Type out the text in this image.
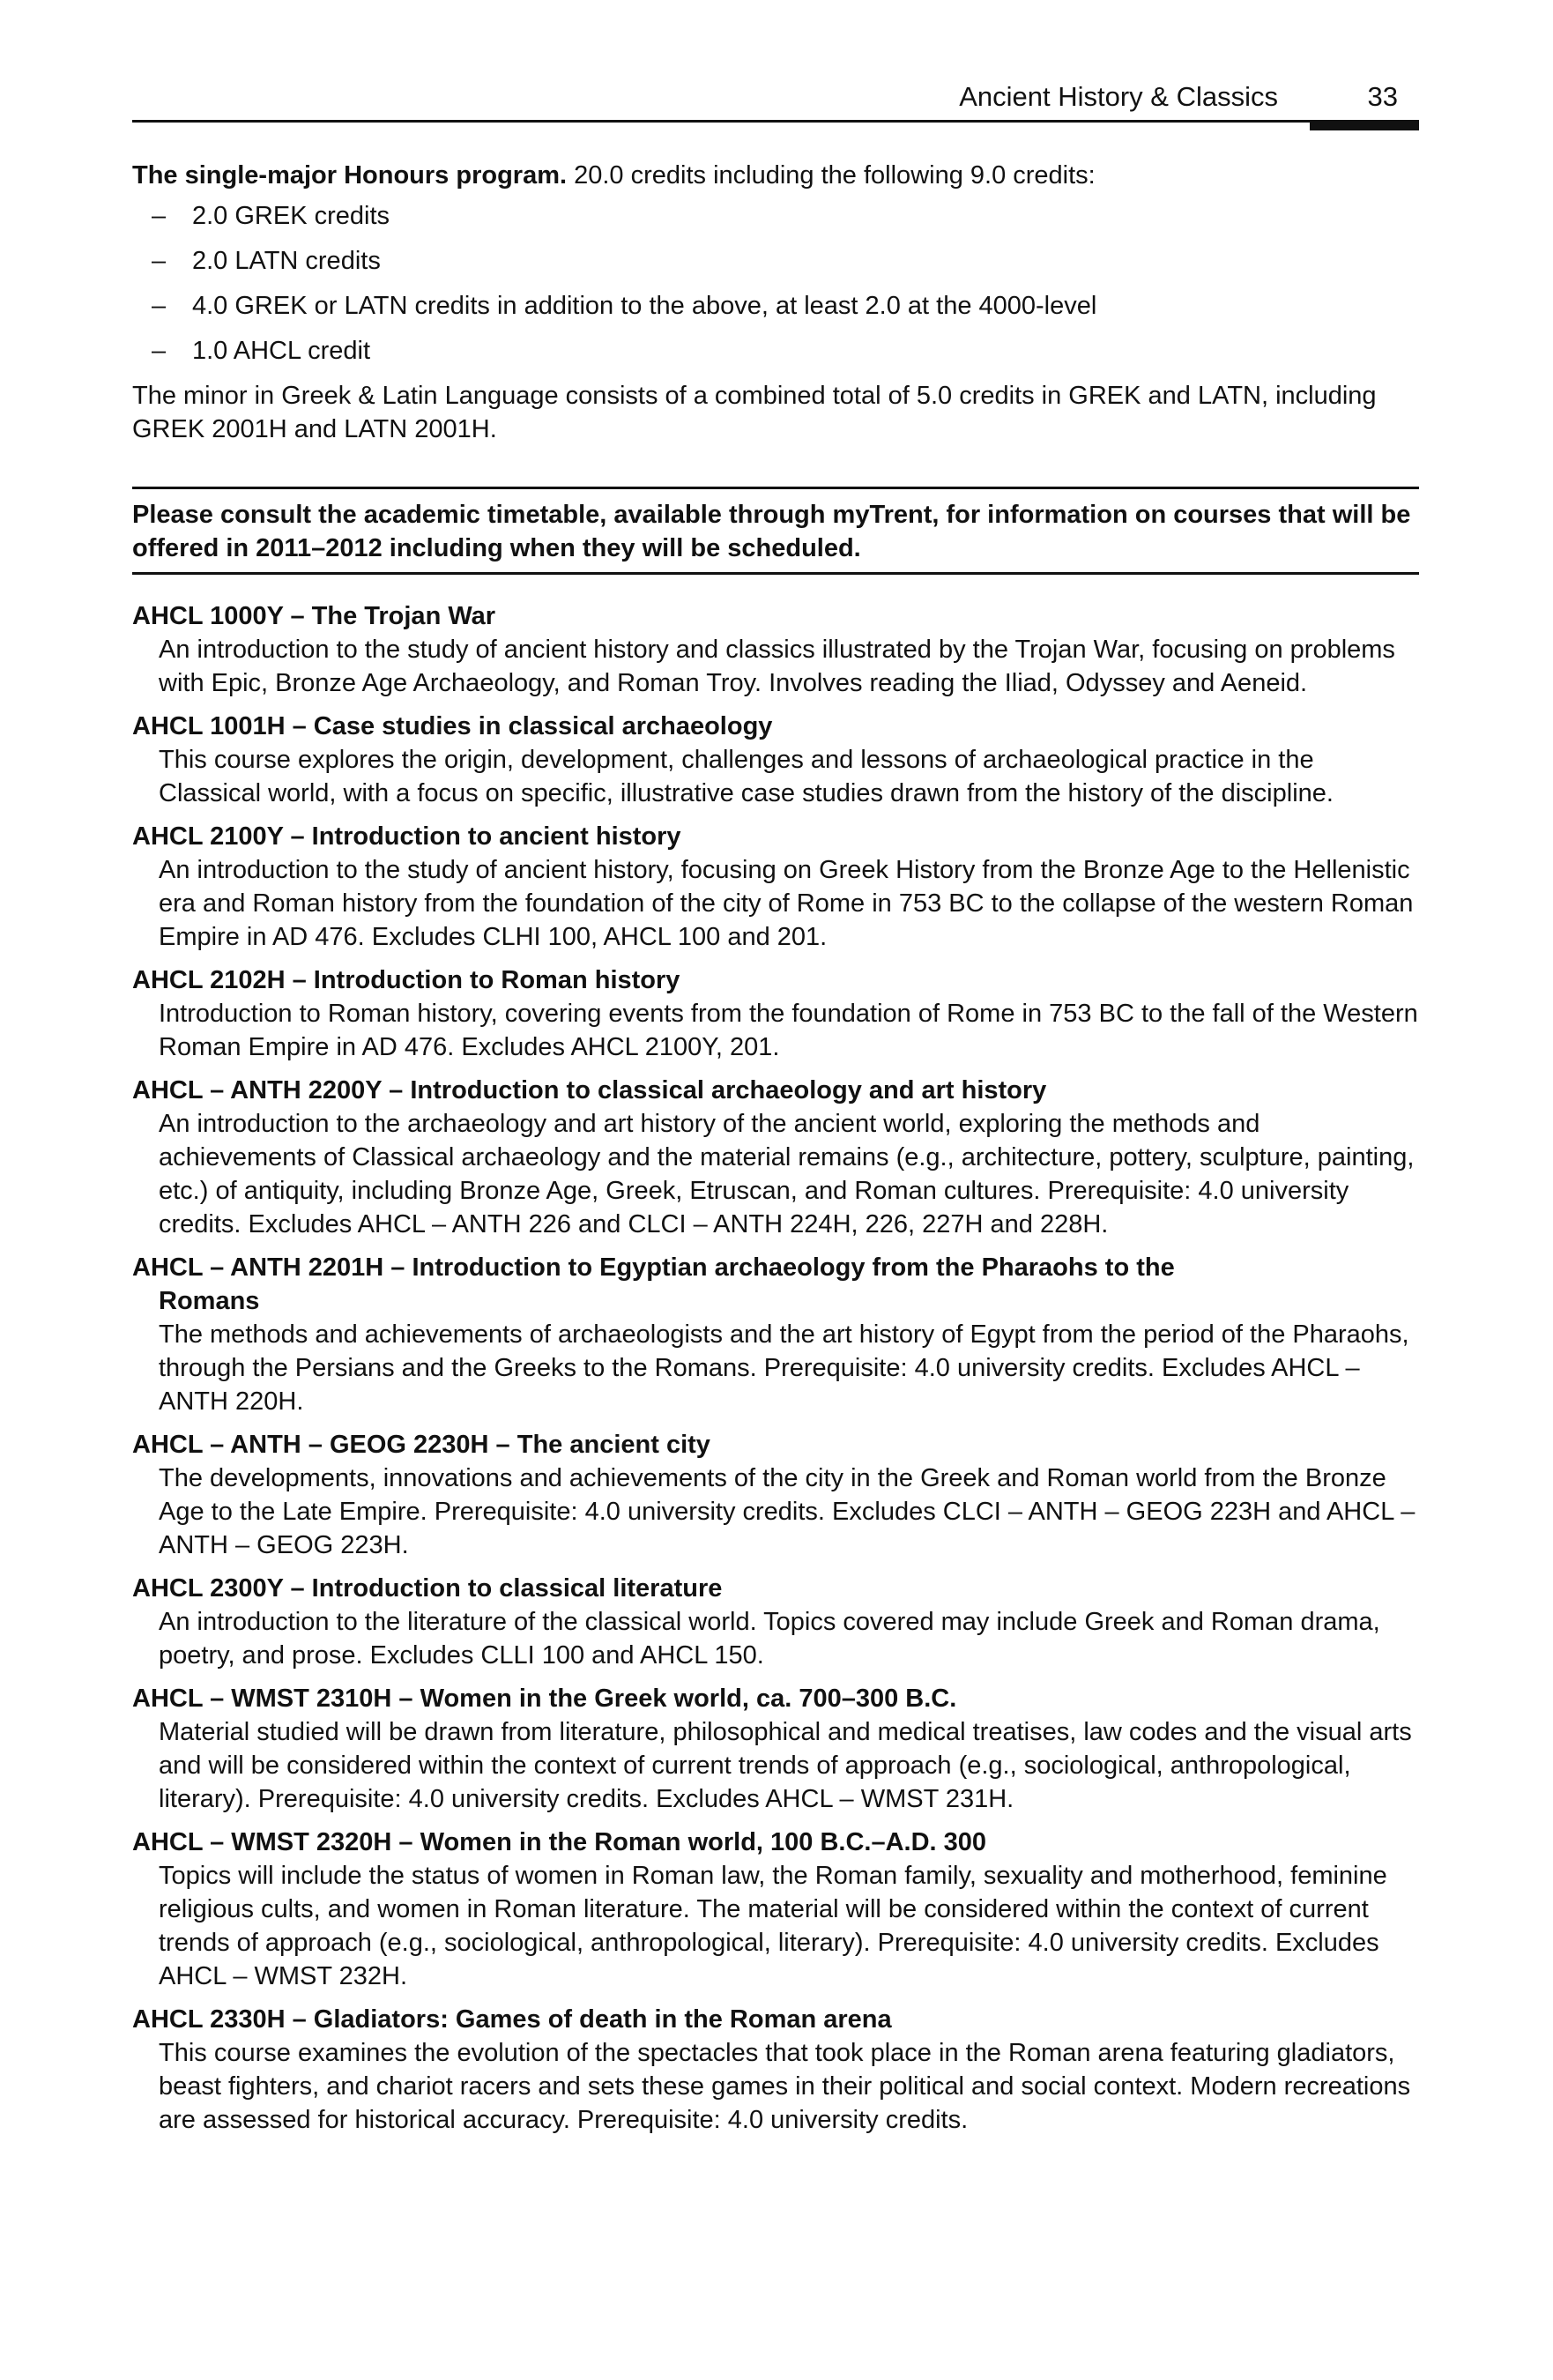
Ancient History & Classics	33

The single-major Honours program. 20.0 credits including the following 9.0 credits:

– 2.0 GREK credits
– 2.0 LATN credits
– 4.0 GREK or LATN credits in addition to the above, at least 2.0 at the 4000-level
– 1.0 AHCL credit

The minor in Greek & Latin Language consists of a combined total of 5.0 credits in GREK and LATN, including GREK 2001H and LATN 2001H.

Please consult the academic timetable, available through myTrent, for information on courses that will be offered in 2011–2012 including when they will be scheduled.
AHCL 1000Y – The Trojan War
An introduction to the study of ancient history and classics illustrated by the Trojan War, focusing on problems with Epic, Bronze Age Archaeology, and Roman Troy. Involves reading the Iliad, Odyssey and Aeneid.
AHCL 1001H – Case studies in classical archaeology
This course explores the origin, development, challenges and lessons of archaeological practice in the Classical world, with a focus on specific, illustrative case studies drawn from the history of the discipline.
AHCL 2100Y – Introduction to ancient history
An introduction to the study of ancient history, focusing on Greek History from the Bronze Age to the Hellenistic era and Roman history from the foundation of the city of Rome in 753 BC to the collapse of the western Roman Empire in AD 476. Excludes CLHI 100, AHCL 100 and 201.
AHCL 2102H – Introduction to Roman history
Introduction to Roman history, covering events from the foundation of Rome in 753 BC to the fall of the Western Roman Empire in AD 476. Excludes AHCL 2100Y, 201.
AHCL – ANTH 2200Y – Introduction to classical archaeology and art history
An introduction to the archaeology and art history of the ancient world, exploring the methods and achievements of Classical archaeology and the material remains (e.g., architecture, pottery, sculpture, painting, etc.) of antiquity, including Bronze Age, Greek, Etruscan, and Roman cultures. Prerequisite: 4.0 university credits. Excludes AHCL – ANTH 226 and CLCI – ANTH 224H, 226, 227H and 228H.
AHCL – ANTH 2201H – Introduction to Egyptian archaeology from the Pharaohs to the
Romans
The methods and achievements of archaeologists and the art history of Egypt from the period of the Pharaohs, through the Persians and the Greeks to the Romans. Prerequisite: 4.0 university credits. Excludes AHCL – ANTH 220H.
AHCL – ANTH – GEOG 2230H – The ancient city
The developments, innovations and achievements of the city in the Greek and Roman world from the Bronze Age to the Late Empire. Prerequisite: 4.0 university credits. Excludes CLCI – ANTH – GEOG 223H and AHCL – ANTH – GEOG 223H.
AHCL 2300Y – Introduction to classical literature
An introduction to the literature of the classical world. Topics covered may include Greek and Roman drama, poetry, and prose. Excludes CLLI 100 and AHCL 150.
AHCL – WMST 2310H – Women in the Greek world, ca. 700–300 B.C.
Material studied will be drawn from literature, philosophical and medical treatises, law codes and the visual arts and will be considered within the context of current trends of approach (e.g., sociological, anthropological, literary). Prerequisite: 4.0 university credits. Excludes AHCL – WMST 231H.
AHCL – WMST 2320H – Women in the Roman world, 100 B.C.–A.D. 300
Topics will include the status of women in Roman law, the Roman family, sexuality and motherhood, feminine religious cults, and women in Roman literature. The material will be considered within the context of current trends of approach (e.g., sociological, anthropological, literary). Prerequisite: 4.0 university credits. Excludes AHCL – WMST 232H.
AHCL 2330H – Gladiators: Games of death in the Roman arena
This course examines the evolution of the spectacles that took place in the Roman arena featuring gladiators, beast fighters, and chariot racers and sets these games in their political and social context. Modern recreations are assessed for historical accuracy. Prerequisite: 4.0 university credits.
